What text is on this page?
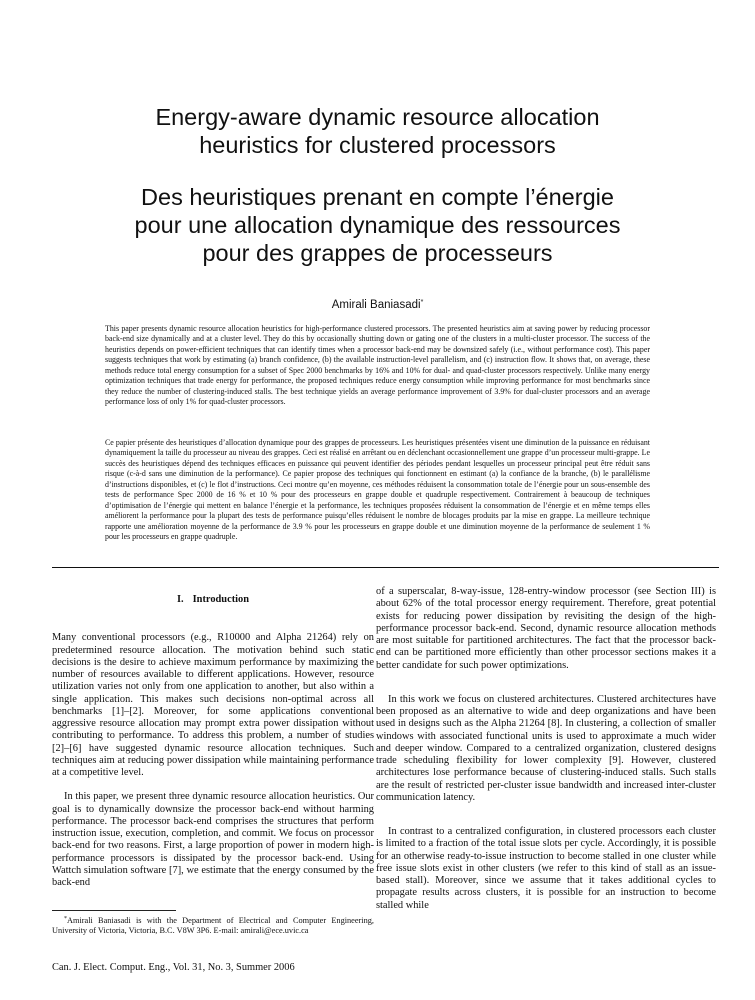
Energy-aware dynamic resource allocation
heuristics for clustered processors
Des heuristiques prenant en compte l’énergie
pour une allocation dynamique des ressources
pour des grappes de processeurs
Amirali Baniasadi*
This paper presents dynamic resource allocation heuristics for high-performance clustered processors. The presented heuristics aim at saving power by reducing processor back-end size dynamically and at a cluster level. They do this by occasionally shutting down or gating one of the clusters in a multi-cluster processor. The success of the heuristics depends on power-efficient techniques that can identify times when a processor back-end may be downsized safely (i.e., without performance cost). This paper suggests techniques that work by estimating (a) branch confidence, (b) the available instruction-level parallelism, and (c) instruction flow. It shows that, on average, these methods reduce total energy consumption for a subset of Spec 2000 benchmarks by 16% and 10% for dual- and quad-cluster processors respectively. Unlike many energy optimization techniques that trade energy for performance, the proposed techniques reduce energy consumption while improving performance for most benchmarks since they reduce the number of clustering-induced stalls. The best technique yields an average performance improvement of 3.9% for dual-cluster processors and an average performance loss of only 1% for quad-cluster processors.
Ce papier présente des heuristiques d’allocation dynamique pour des grappes de processeurs. Les heuristiques présentées visent une diminution de la puissance en réduisant dynamiquement la taille du processeur au niveau des grappes. Ceci est réalisé en arrêtant ou en déclenchant occasionnellement une grappe d’un processeur multi-grappe. Le succès des heuristiques dépend des techniques efficaces en puissance qui peuvent identifier des périodes pendant lesquelles un processeur principal peut être réduit sans risque (c-à-d sans une diminution de la performance). Ce papier propose des techniques qui fonctionnent en estimant (a) la confiance de la branche, (b) le parallélisme d’instructions disponibles, et (c) le flot d’instructions. Ceci montre qu’en moyenne, ces méthodes réduisent la consommation totale de l’énergie pour un sous-ensemble des tests de performance Spec 2000 de 16 % et 10 % pour des processeurs en grappe double et quadruple respectivement. Contrairement à beaucoup de techniques d’optimisation de l’énergie qui mettent en balance l’énergie et la performance, les techniques proposées réduisent la consommation de l’énergie et en même temps elles améliorent la performance pour la plupart des tests de performance puisqu’elles réduisent le nombre de blocages produits par la mise en grappe. La meilleure technique rapporte une amélioration moyenne de la performance de 3.9 % pour les processeurs en grappe double et une diminution moyenne de la performance de seulement 1 % pour les processeurs en grappe quadruple.
I. Introduction

Many conventional processors (e.g., R10000 and Alpha 21264) rely on predetermined resource allocation. The motivation behind such static decisions is the desire to achieve maximum performance by maximizing the number of resources available to different applications. However, resource utilization varies not only from one application to another, but also within a single application. This makes such decisions non-optimal across all benchmarks [1]–[2]. Moreover, for some applications conventional aggressive resource allocation may prompt extra power dissipation without contributing to performance. To address this problem, a number of studies [2]–[6] have suggested dynamic resource allocation techniques. Such techniques aim at reducing power dissipation while maintaining performance at a competitive level.

In this paper, we present three dynamic resource allocation heuristics. Our goal is to dynamically downsize the processor back-end without harming performance. The processor back-end comprises the structures that perform instruction issue, execution, completion, and commit. We focus on processor back-end for two reasons. First, a large proportion of power in modern high-performance processors is dissipated by the processor back-end. Using Wattch simulation software [7], we estimate that the energy consumed by the back-end

of a superscalar, 8-way-issue, 128-entry-window processor (see Section III) is about 62% of the total processor energy requirement. Therefore, great potential exists for reducing power dissipation by revisiting the design of the high-performance processor back-end. Second, dynamic resource allocation methods are most suitable for partitioned architectures. The fact that the processor back-end can be partitioned more efficiently than other processor sections makes it a better candidate for such power optimizations.

In this work we focus on clustered architectures. Clustered architectures have been proposed as an alternative to wide and deep organizations and have been used in designs such as the Alpha 21264 [8]. In clustering, a collection of smaller windows with associated functional units is used to approximate a much wider and deeper window. Compared to a centralized organization, clustered designs trade scheduling flexibility for lower complexity [9]. However, clustered architectures lose performance because of clustering-induced stalls. Such stalls are the result of restricted per-cluster issue bandwidth and increased inter-cluster communication latency.

In contrast to a centralized configuration, in clustered processors each cluster is limited to a fraction of the total issue slots per cycle. Accordingly, it is possible for an otherwise ready-to-issue instruction to become stalled in one cluster while free issue slots exist in other clusters (we refer to this kind of stall as an issue-based stall). Moreover, since we assume that it takes additional cycles to propagate results across clusters, it is possible for an instruction to become stalled while

*Amirali Baniasadi is with the Department of Electrical and Computer Engineering, University of Victoria, Victoria, B.C. V8W 3P6. E-mail: amirali@ece.uvic.ca
Can. J. Elect. Comput. Eng., Vol. 31, No. 3, Summer 2006
